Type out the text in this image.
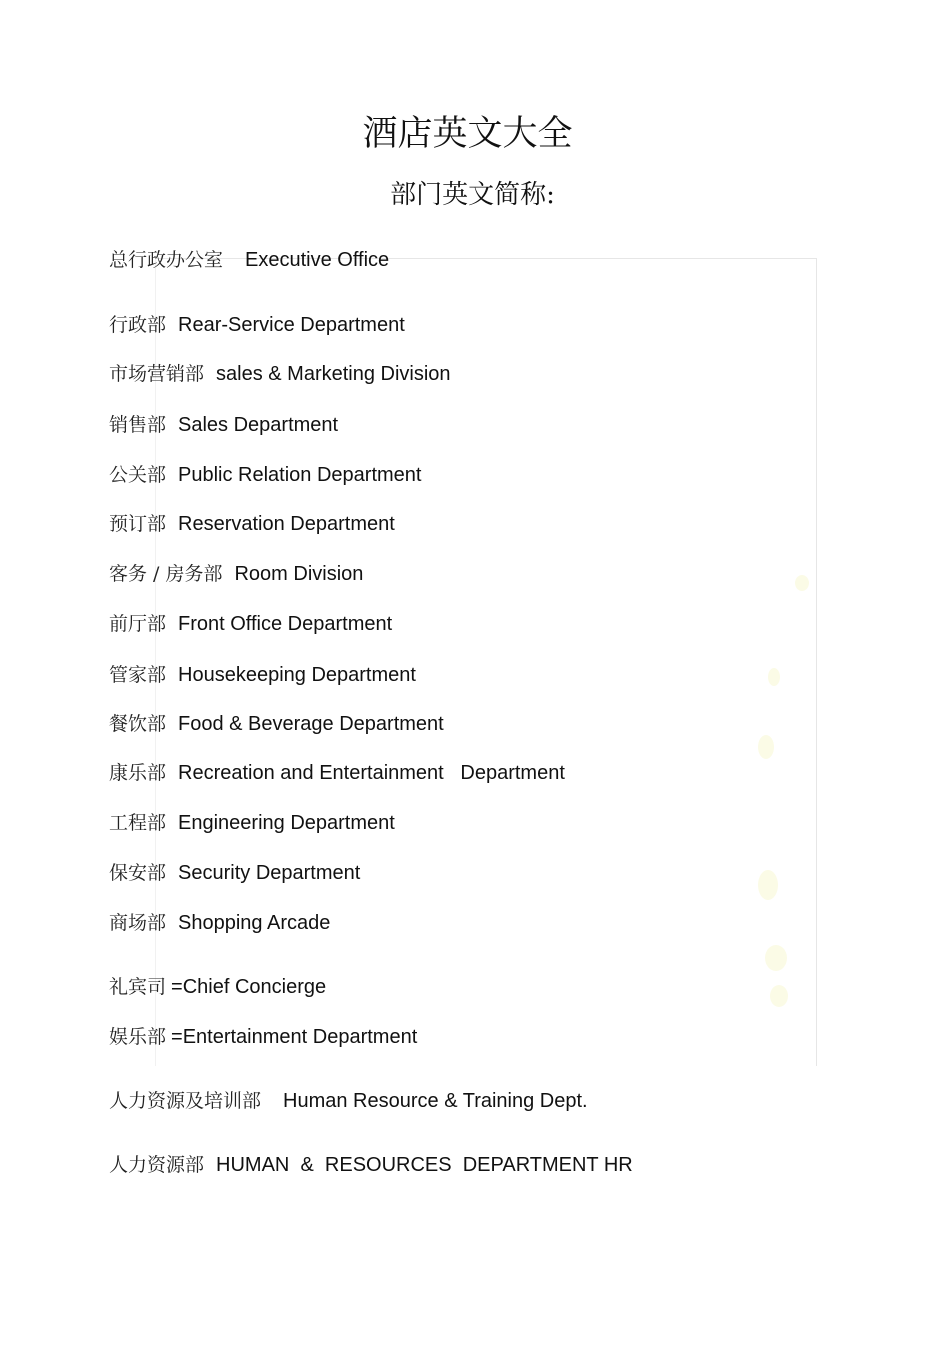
酒店英文大全
部门英文简称:
总行政办公室 Executive Office
行政部 Rear-Service Department
市场营销部 sales & Marketing Division
销售部 Sales Department
公关部 Public Relation Department
预订部 Reservation Department
客务 / 房务部 Room Division
前厅部 Front Office Department
管家部 Housekeeping Department
餐饮部 Food & Beverage Department
康乐部 Recreation and Entertainment   Department
工程部 Engineering Department
保安部 Security Department
商场部 Shopping Arcade
礼宾司 =Chief Concierge
娱乐部 =Entertainment Department
人力资源及培训部 Human Resource & Training Dept.
人力资源部 HUMAN  &  RESOURCES  DEPARTMENT HR
